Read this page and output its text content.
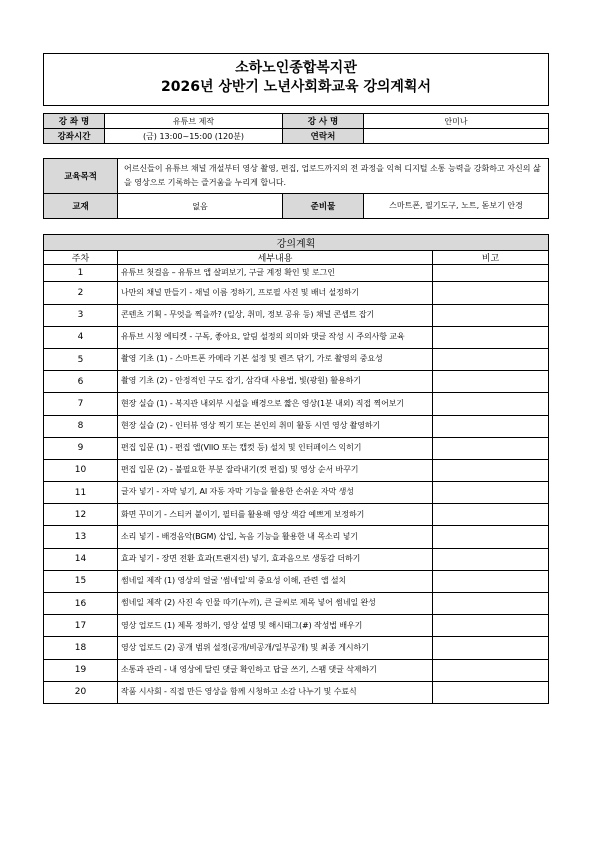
소하노인종합복지관
2026년 상반기 노년사회화교육 강의계획서
강 좌 명	유튜브 제작	강 사 명	안미나
강좌시간	(금) 13:00~15:00 (120분)	연락처	
교육목적	어르신들이 유튜브 채널 개설부터 영상 촬영, 편집, 업로드까지의 전 과정을 익혀 디지털 소통 능력을 강화하고 자신의 삶을 영상으로 기록하는 즐거움을 누리게 합니다.		
교재	없음	준비물	스마트폰, 필기도구, 노트, 돋보기 안경
강의계획		
주차	세부내용	비고
1	유튜브 첫걸음 – 유튜브 앱 살펴보기, 구글 계정 확인 및 로그인	
2	나만의 채널 만들기 - 채널 이름 정하기, 프로필 사진 및 배너 설정하기	
3	콘텐츠 기획 - 무엇을 찍을까? (일상, 취미, 정보 공유 등) 채널 콘셉트 잡기	
4	유튜브 시청 에티켓 - 구독, 좋아요, 알림 설정의 의미와 댓글 작성 시 주의사항 교육	
5	촬영 기초 (1) - 스마트폰 카메라 기본 설정 및 렌즈 닦기, 가로 촬영의 중요성	
6	촬영 기초 (2) - 안정적인 구도 잡기, 삼각대 사용법, 빛(광원) 활용하기	
7	현장 실습 (1) - 복지관 내외부 시설을 배경으로 짧은 영상(1분 내외) 직접 찍어보기	
8	현장 실습 (2) - 인터뷰 영상 찍기 또는 본인의 취미 활동 시연 영상 촬영하기	
9	편집 입문 (1) - 편집 앱(VllO 또는 캡컷 등) 설치 및 인터페이스 익히기	
10	편집 입문 (2) - 불필요한 부분 잘라내기(컷 편집) 및 영상 순서 바꾸기	
11	글자 넣기 - 자막 넣기, AI 자동 자막 기능을 활용한 손쉬운 자막 생성	
12	화면 꾸미기 - 스티커 붙이기, 필터를 활용해 영상 색감 예쁘게 보정하기	
13	소리 넣기 - 배경음악(BGM) 삽입, 녹음 기능을 활용한 내 목소리 넣기	
14	효과 넣기 - 장면 전환 효과(트랜지션) 넣기, 효과음으로 생동감 더하기	
15	썸네일 제작 (1) 영상의 얼굴 '썸네일'의 중요성 이해, 관련 앱 설치	
16	썸네일 제작 (2) 사진 속 인물 따기(누끼), 큰 글씨로 제목 넣어 썸네일 완성	
17	영상 업로드 (1) 제목 정하기, 영상 설명 및 해시태그(#) 작성법 배우기	
18	영상 업로드 (2) 공개 범위 설정(공개/비공개/일부공개) 및 최종 게시하기	
19	소통과 관리 - 내 영상에 달린 댓글 확인하고 답글 쓰기, 스팸 댓글 삭제하기	
20	작품 시사회 - 직접 만든 영상을 함께 시청하고 소감 나누기 및 수료식	
